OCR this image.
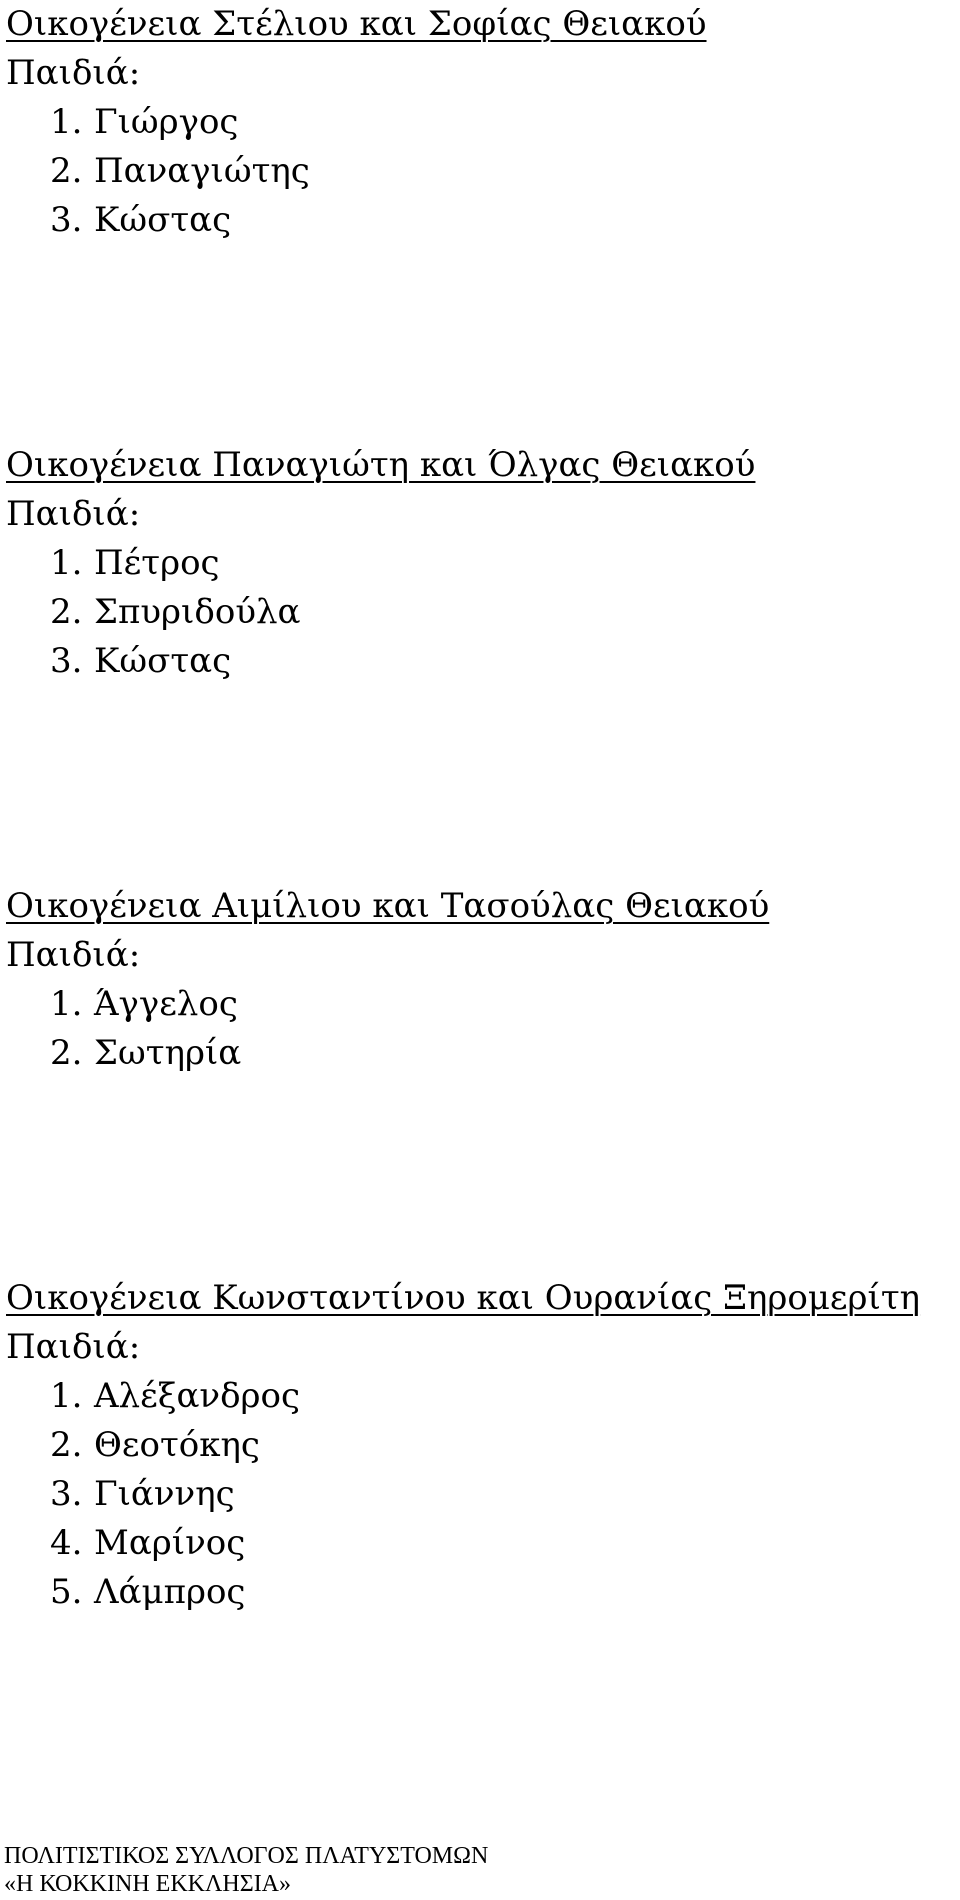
Οικογένεια Στέλιου και Σοφίας Θειακού
Παιδιά:
1. Γιώργος
2. Παναγιώτης
3. Κώστας
Οικογένεια Παναγιώτη και Όλγας Θειακού
Παιδιά:
1. Πέτρος
2. Σπυριδούλα
3. Κώστας
Οικογένεια Αιμίλιου και Τασούλας Θειακού
Παιδιά:
1. Άγγελος
2. Σωτηρία
Οικογένεια Κωνσταντίνου και Ουρανίας Ξηρομερίτη
Παιδιά:
1. Αλέξανδρος
2. Θεοτόκης
3. Γιάννης
4. Μαρίνος
5. Λάμπρος
ΠΟΛΙΤΙΣΤΙΚΟΣ ΣΥΛΛΟΓΟΣ ΠΛΑΤΥΣΤΟΜΩΝ
«Η ΚΟΚΚΙΝΗ ΕΚΚΛΗΣΙΑ»
